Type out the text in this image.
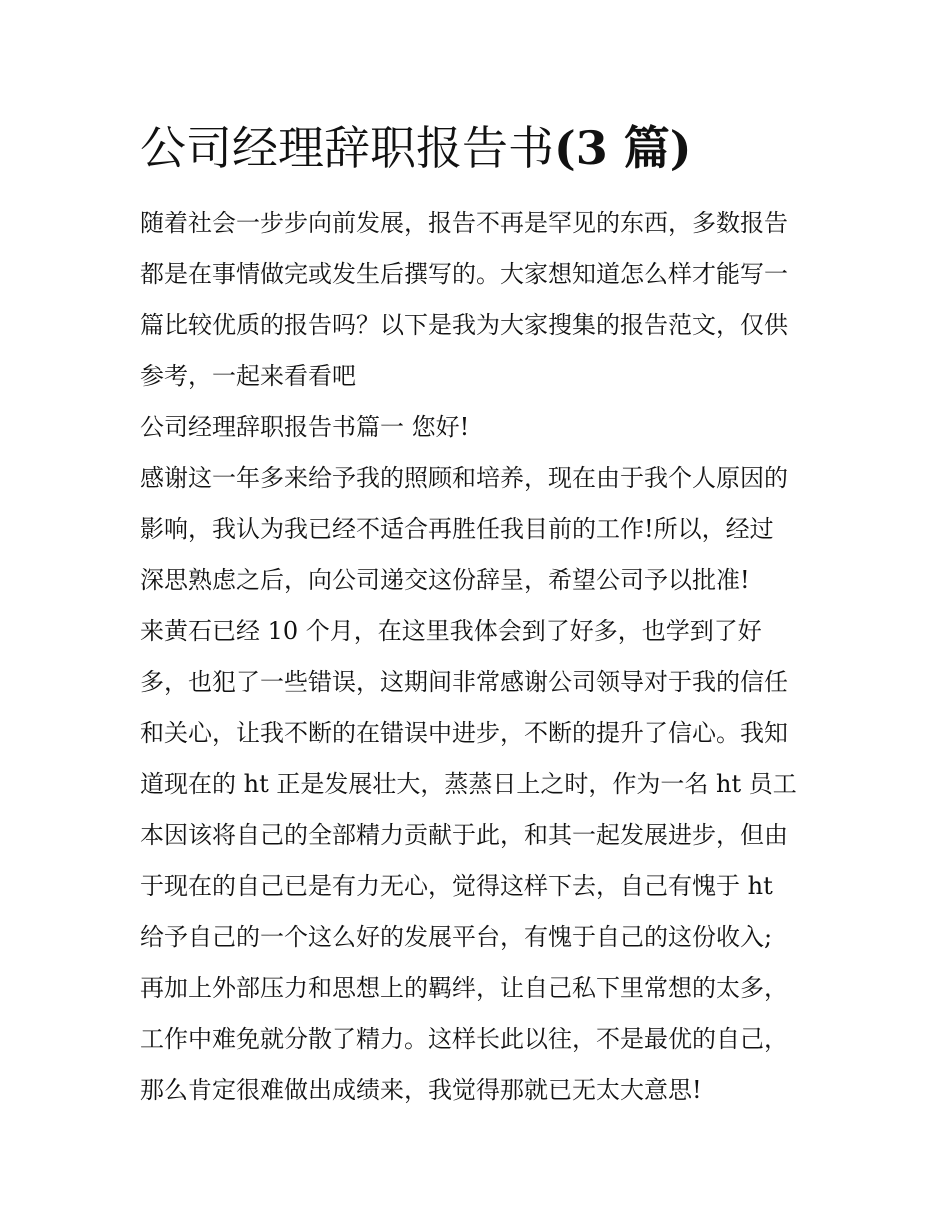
公司经理辞职报告书(3 篇)
随着社会一步步向前发展，报告不再是罕见的东西，多数报告
都是在事情做完或发生后撰写的。大家想知道怎么样才能写一
篇比较优质的报告吗？以下是我为大家搜集的报告范文，仅供
参考，一起来看看吧
公司经理辞职报告书篇一 您好!
感谢这一年多来给予我的照顾和培养，现在由于我个人原因的
影响，我认为我已经不适合再胜任我目前的工作!所以，经过
深思熟虑之后，向公司递交这份辞呈，希望公司予以批准!
来黄石已经 10 个月，在这里我体会到了好多，也学到了好
多，也犯了一些错误，这期间非常感谢公司领导对于我的信任
和关心，让我不断的在错误中进步，不断的提升了信心。我知
道现在的 ht 正是发展壮大，蒸蒸日上之时，作为一名 ht 员工
本因该将自己的全部精力贡献于此，和其一起发展进步，但由
于现在的自己已是有力无心，觉得这样下去，自己有愧于 ht
给予自己的一个这么好的发展平台，有愧于自己的这份收入;
再加上外部压力和思想上的羁绊，让自己私下里常想的太多，
工作中难免就分散了精力。这样长此以往，不是最优的自己，
那么肯定很难做出成绩来，我觉得那就已无太大意思!
